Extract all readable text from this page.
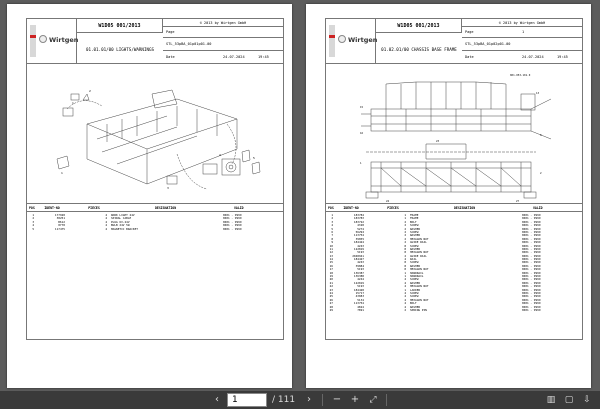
Wirtgen
W1D05 001/2013	© 2013 by Wirtgen GmbH
Page
STL_53pBA_01p01p01-00
01.01.01/00 LIGHTS/WARNINGS
Date	24.07.2024	19:45
1
2
3
4
5
1
POS	IDENT-NO	PIECES	DESIGNATION	VALID
1	177928	4 WORK LIGHT 24V	0001 - 9999
2	38251	4 SPIRAL CABLE	0001 - 9999
3	B612	4 PLUG 6V-24V	0001 - 9999
4	8778	4 BULB 24V 5W	0001 - 9999
5	117475	4 MAGNETIC BRACKET	0001 - 9999
Wirtgen
W1D05 001/2013	© 2013 by Wirtgen GmbH
Page	1
STL_53pBA_01p02p01-00
01.02.01/00 CHASSIS BASE FRAME
Date	24.07.2024	19:45
001.053-101.0
15
16
13
9
1
2
23
24	27
POS	IDENT-NO	PIECES	DESIGNATION	VALID
1	183784	1 FRAME	0001 - 9999
2	183783	1 FRAME	0001 - 9999
3	183722	2 BOLT	0001 - 9999
4	4328	2 SCREW	0001 - 9999
5	5274	2 WASHER	0001 - 9999
6	56292	2 SCREW	0001 - 9999
7	113754	2 WASHER	0001 - 9999
8	39855	2 HEXAGON NUT	0001 - 9999
9	184424	2 GUIDE RAIL	0001 - 9999
10	4243	8 SCREW	0001 - 9999
11	122819	8 WASHER	0001 - 9999
12	5193	8 HEXAGON NUT	0001 - 9999
13	2048941	2 GUIDE RAIL	0001 - 9999
14	184427	4 RAIL	0001 - 9999
15	4243	8 SCREW	0001 - 9999
16	39884	8 WASHER	0001 - 9999
17	5193	8 HEXAGON NUT	0001 - 9999
18	136387	1 HANDRAIL	0001 - 9999
19	136388	1 HANDRAIL	0001 - 9999
20	4244	4 SCREW	0001 - 9999
21	122819	4 WASHER	0001 - 9999
22	5193	4 HEXAGON NUT	0001 - 9999
23	184428	1 LADDER	0001 - 9999
24	15717	4 SCREW	0001 - 9999
25	43083	4 SCREW	0001 - 9999
26	5134	4 HEXAGON NUT	0001 - 9999
27	113754	4 BOLT	0001 - 9999
28	4824	4 WASHER	0001 - 9999
29	7891	2 SPRING PIN	0001 - 9999
‹	1	/ 111	›	− +	⤢	▥	▢	⇩
